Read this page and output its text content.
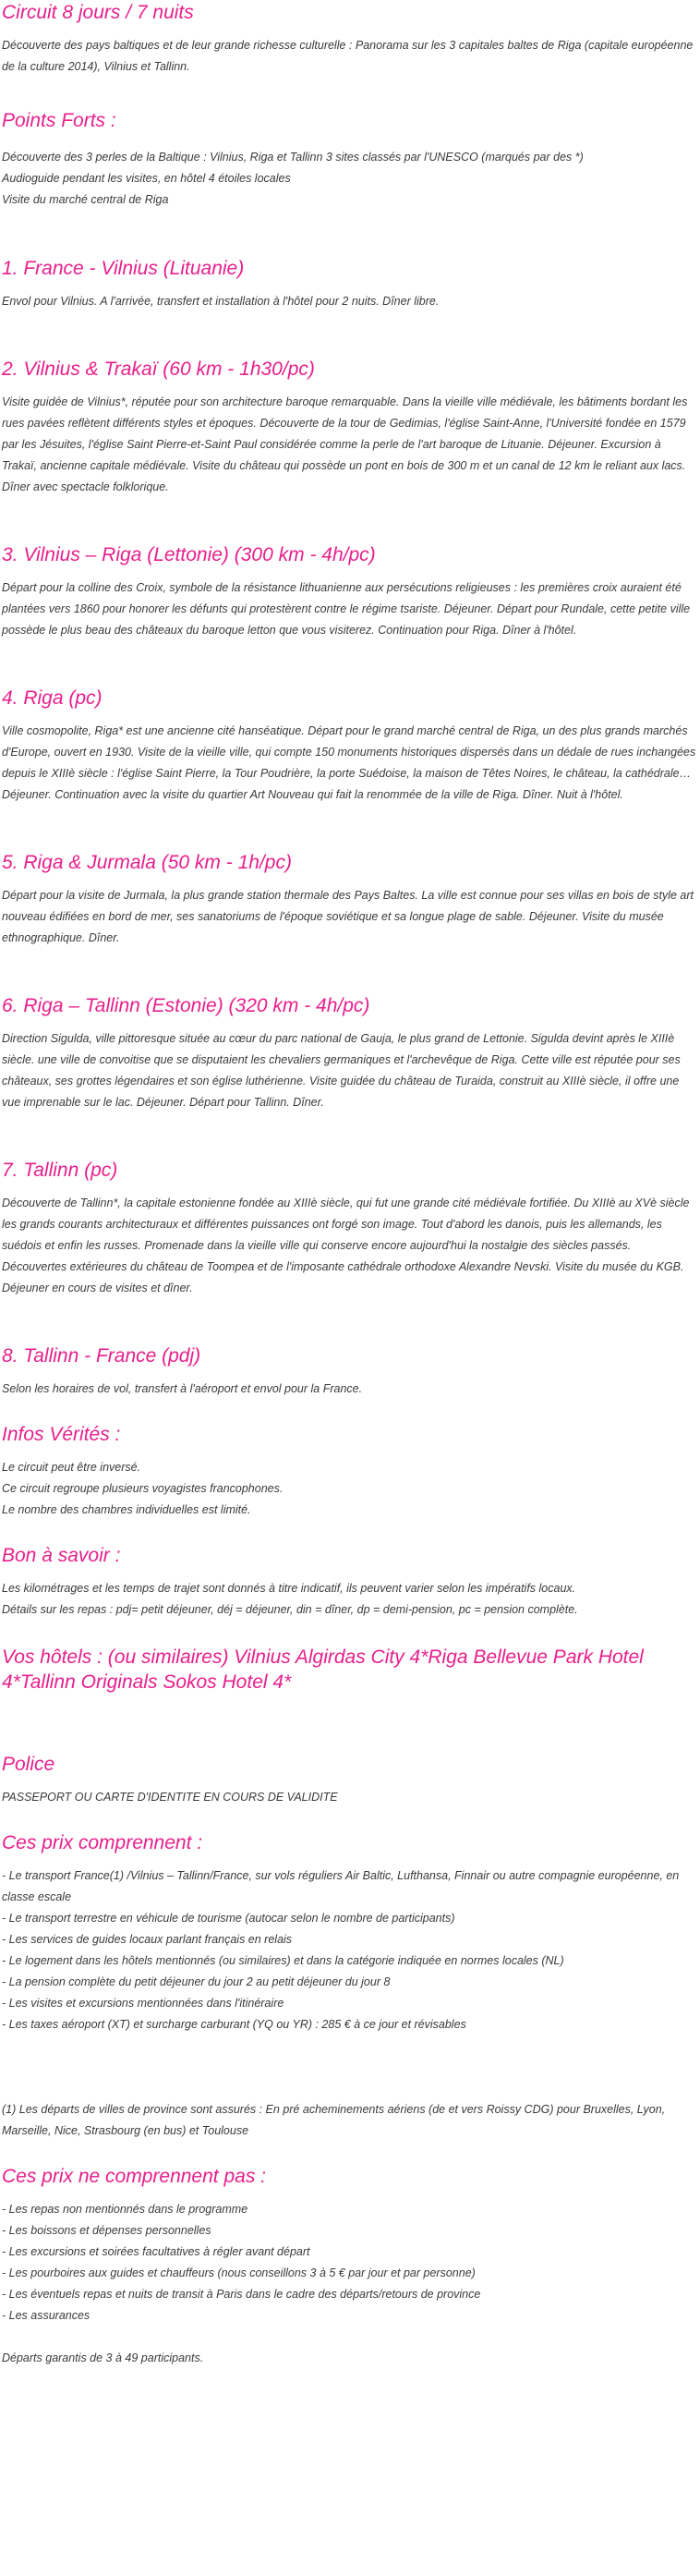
Circuit 8 jours / 7 nuits

Découverte des pays baltiques et de leur grande richesse culturelle : Panorama sur les 3 capitales baltes de Riga (capitale européenne de la culture 2014), Vilnius et Tallinn.

Points Forts :

Découverte des 3 perles de la Baltique : Vilnius, Riga et Tallinn 3 sites classés par l'UNESCO (marqués par des *)

Audioguide pendant les visites, en hôtel 4 étoiles locales

Visite du marché central de Riga

1. France - Vilnius (Lituanie)

Envol pour Vilnius. A l'arrivée, transfert et installation à l'hôtel pour 2 nuits. Dîner libre.

2. Vilnius & Trakaï (60 km - 1h30/pc)

Visite guidée de Vilnius*, réputée pour son architecture baroque remarquable. Dans la vieille ville médiévale, les bâtiments bordant les rues pavées reflètent différents styles et époques. Découverte de la tour de Gedimias, l'église Saint-Anne, l'Université fondée en 1579 par les Jésuites, l'église Saint Pierre-et-Saint Paul considérée comme la perle de l'art baroque de Lituanie. Déjeuner. Excursion à Trakaï, ancienne capitale médiévale. Visite du château qui possède un pont en bois de 300 m et un canal de 12 km le reliant aux lacs. Dîner avec spectacle folklorique.

3. Vilnius – Riga (Lettonie) (300 km - 4h/pc)

Départ pour la colline des Croix, symbole de la résistance lithuanienne aux persécutions religieuses : les premières croix auraient été plantées vers 1860 pour honorer les défunts qui protestèrent contre le régime tsariste. Déjeuner. Départ pour Rundale, cette petite ville possède le plus beau des châteaux du baroque letton que vous visiterez. Continuation pour Riga. Dîner à l'hôtel.

4. Riga (pc)

Ville cosmopolite, Riga* est une ancienne cité hanséatique. Départ pour le grand marché central de Riga, un des plus grands marchés d'Europe, ouvert en 1930. Visite de la vieille ville, qui compte 150 monuments historiques dispersés dans un dédale de rues inchangées depuis le XIIIè siècle : l'église Saint Pierre, la Tour Poudrière, la porte Suédoise, la maison de Têtes Noires, le château, la cathédrale… Déjeuner. Continuation avec la visite du quartier Art Nouveau qui fait la renommée de la ville de Riga. Dîner. Nuit à l'hôtel.

5. Riga & Jurmala (50 km - 1h/pc)

Départ pour la visite de Jurmala, la plus grande station thermale des Pays Baltes. La ville est connue pour ses villas en bois de style art nouveau édifiées en bord de mer, ses sanatoriums de l'époque soviétique et sa longue plage de sable. Déjeuner. Visite du musée ethnographique. Dîner.

6. Riga – Tallinn (Estonie) (320 km - 4h/pc)

Direction Sigulda, ville pittoresque située au cœur du parc national de Gauja, le plus grand de Lettonie. Sigulda devint après le XIIIè siècle. une ville de convoitise que se disputaient les chevaliers germaniques et l'archevêque de Riga. Cette ville est réputée pour ses châteaux, ses grottes légendaires et son église luthérienne. Visite guidée du château de Turaida, construit au XIIIè siècle, il offre une vue imprenable sur le lac. Déjeuner. Départ pour Tallinn. Dîner.

7. Tallinn (pc)

Découverte de Tallinn*, la capitale estonienne fondée au XIIIè siècle, qui fut une grande cité médiévale fortifiée. Du XIIIè au XVè siècle les grands courants architecturaux et différentes puissances ont forgé son image. Tout d'abord les danois, puis les allemands, les suédois et enfin les russes. Promenade dans la vieille ville qui conserve encore aujourd'hui la nostalgie des siècles passés. Découvertes extérieures du château de Toompea et de l'imposante cathédrale orthodoxe Alexandre Nevski. Visite du musée du KGB. Déjeuner en cours de visites et dîner.

8. Tallinn - France (pdj)

Selon les horaires de vol, transfert à l'aéroport et envol pour la France.

Infos Vérités :

Le circuit peut être inversé.

Ce circuit regroupe plusieurs voyagistes francophones.

Le nombre des chambres individuelles est limité.

Bon à savoir :

Les kilométrages et les temps de trajet sont donnés à titre indicatif, ils peuvent varier selon les impératifs locaux.

Détails sur les repas : pdj= petit déjeuner, déj = déjeuner, din = dîner, dp = demi-pension, pc = pension complète.

Vos hôtels : (ou similaires) Vilnius Algirdas City 4*Riga Bellevue Park Hotel 4*Tallinn Originals Sokos Hotel 4*
Police

PASSEPORT OU CARTE D'IDENTITE EN COURS DE VALIDITE

Ces prix comprennent :

- Le transport France(1) /Vilnius – Tallinn/France, sur vols réguliers Air Baltic, Lufthansa, Finnair ou autre compagnie européenne, en classe escale

- Le transport terrestre en véhicule de tourisme (autocar selon le nombre de participants)

- Les services de guides locaux parlant français en relais

- Le logement dans les hôtels mentionnés (ou similaires) et dans la catégorie indiquée en normes locales (NL)

- La pension complète du petit déjeuner du jour 2 au petit déjeuner du jour 8

- Les visites et excursions mentionnées dans l'itinéraire

- Les taxes aéroport (XT) et surcharge carburant (YQ ou YR) : 285 € à ce jour et révisables

(1) Les départs de villes de province sont assurés : En pré acheminements aériens (de et vers Roissy CDG) pour Bruxelles, Lyon, Marseille, Nice, Strasbourg (en bus) et Toulouse

Ces prix ne comprennent pas :

- Les repas non mentionnés dans le programme

- Les boissons et dépenses personnelles

- Les excursions et soirées facultatives à régler avant départ

- Les pourboires aux guides et chauffeurs (nous conseillons 3 à 5 € par jour et par personne)

- Les éventuels repas et nuits de transit à Paris dans le cadre des départs/retours de province

- Les assurances

Départs garantis de 3 à 49 participants.
